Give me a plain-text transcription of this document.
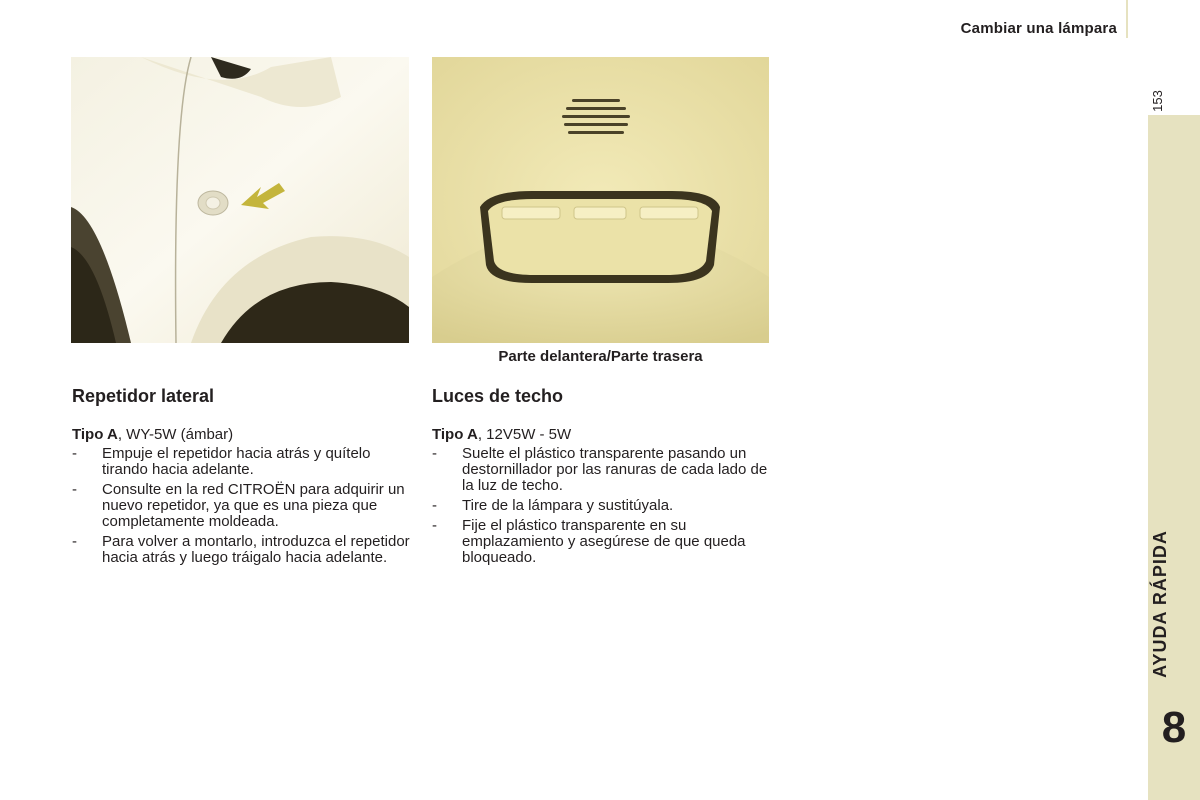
Cambiar una lámpara
153
AYUDA RÁPIDA
8
Parte delantera/Parte trasera
Repetidor lateral
Tipo A, WY-5W (ámbar)
- Empuje el repetidor hacia atrás y quítelo tirando hacia adelante.
- Consulte en la red CITROËN para adquirir un nuevo repetidor, ya que es una pieza que completamente moldeada.
- Para volver a montarlo, introduzca el repetidor hacia atrás y luego tráigalo hacia adelante.
Luces de techo
Tipo A, 12V5W - 5W
- Suelte el plástico transparente pasando un destornillador por las ranuras de cada lado de la luz de techo.
- Tire de la lámpara y sustitúyala.
- Fije el plástico transparente en su emplazamiento y asegúrese de que queda bloqueado.
